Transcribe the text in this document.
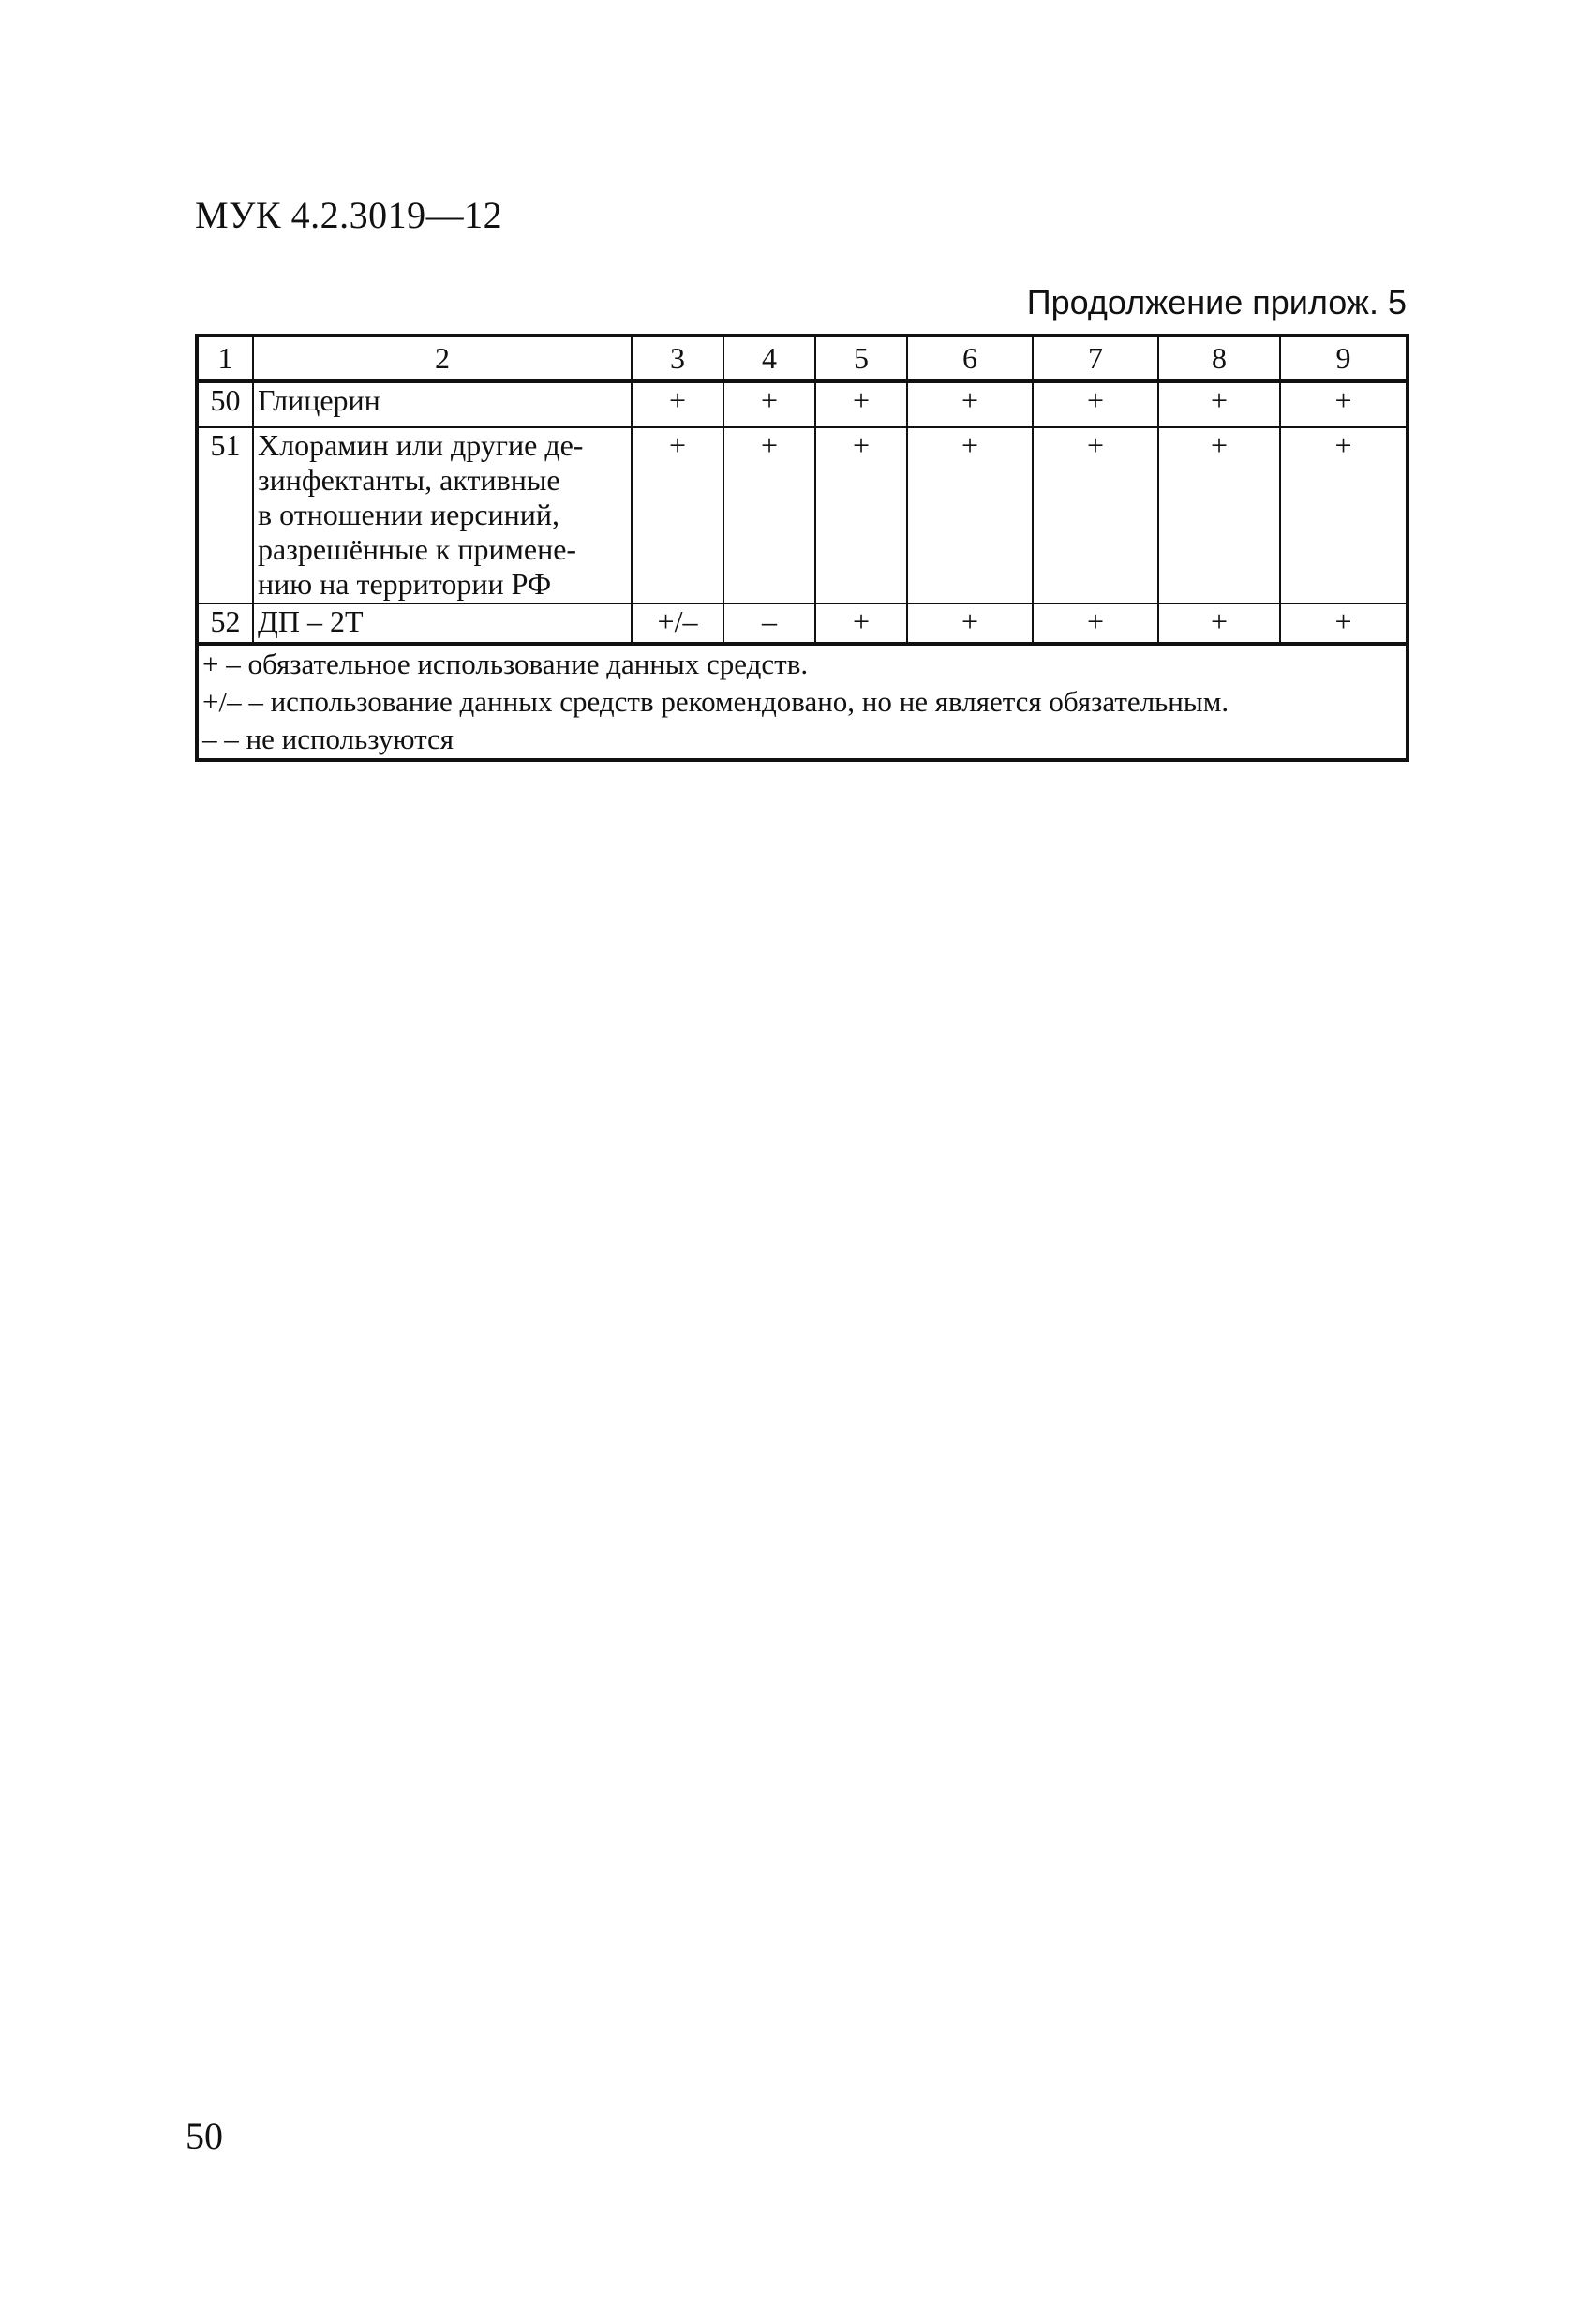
МУК 4.2.3019—12
Продолжение прилож. 5
1	2	3	4	5	6	7	8	9
50	Глицерин	+	+	+	+	+	+	+
51	Хлорамин или другие де-
зинфектанты, активные
в отношении иерсиний,
разрешённые к примене-
нию на территории РФ	+	+	+	+	+	+	+
52	ДП – 2Т	+/–	–	+	+	+	+	+

+ – обязательное использование данных средств.
+/– – использование данных средств рекомендовано, но не является обязательным.
– – не используются								
50
